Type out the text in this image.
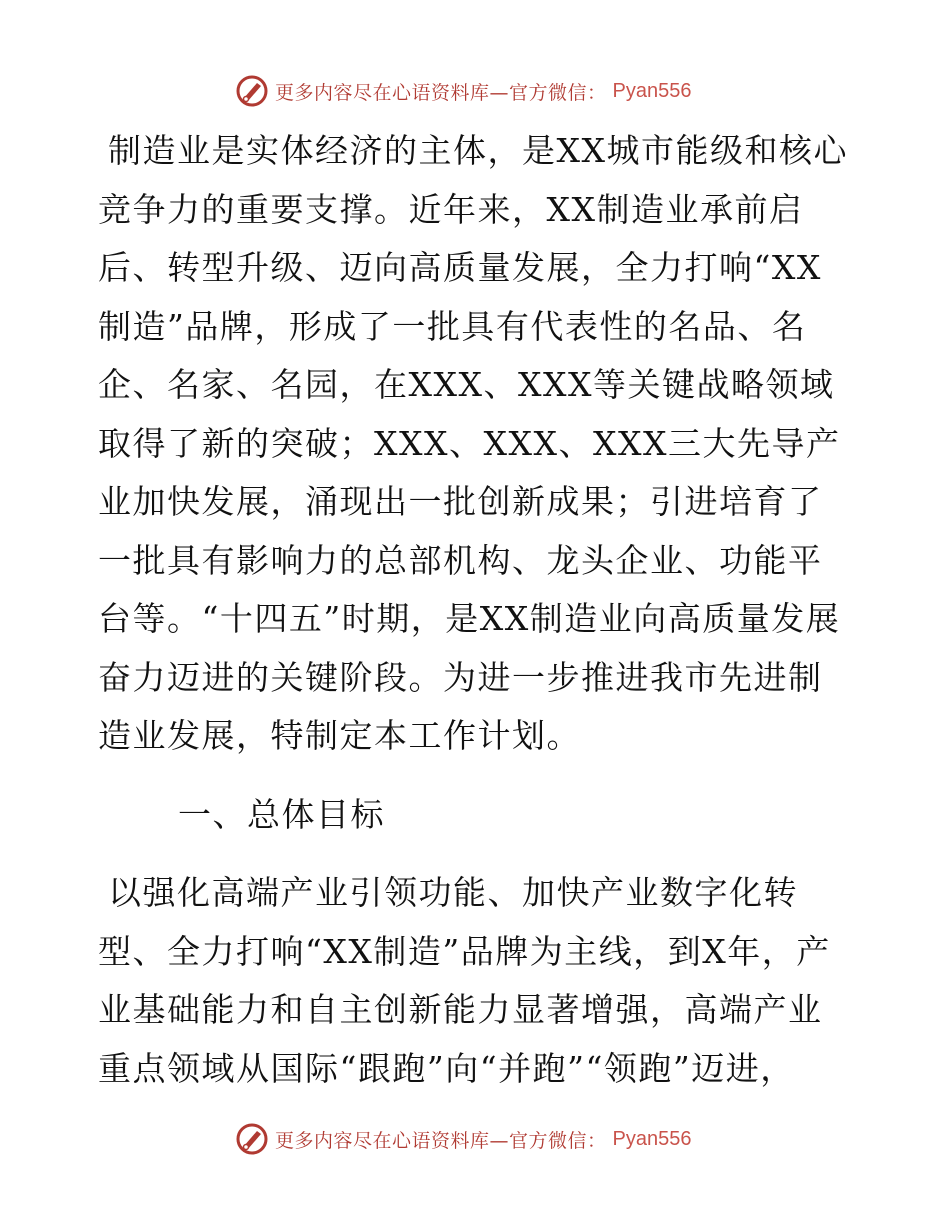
更多内容尽在心语资料库—官方微信： Pyan556

制造业是实体经济的主体，是XX城市能级和核心竞争力的重要支撑。近年来，XX制造业承前启后、转型升级、迈向高质量发展，全力打响“XX制造”品牌，形成了一批具有代表性的名品、名企、名家、名园，在XXX、XXX等关键战略领域取得了新的突破；XXX、XXX、XXX三大先导产业加快发展，涌现出一批创新成果；引进培育了一批具有影响力的总部机构、龙头企业、功能平台等。“十四五”时期，是XX制造业向高质量发展奋力迈进的关键阶段。为进一步推进我市先进制造业发展，特制定本工作计划。

一、总体目标

以强化高端产业引领功能、加快产业数字化转型、全力打响“XX制造”品牌为主线，到X年，产业基础能力和自主创新能力显著增强，高端产业重点领域从国际“跟跑”向“并跑”“领跑”迈进，

更多内容尽在心语资料库—官方微信： Pyan556
